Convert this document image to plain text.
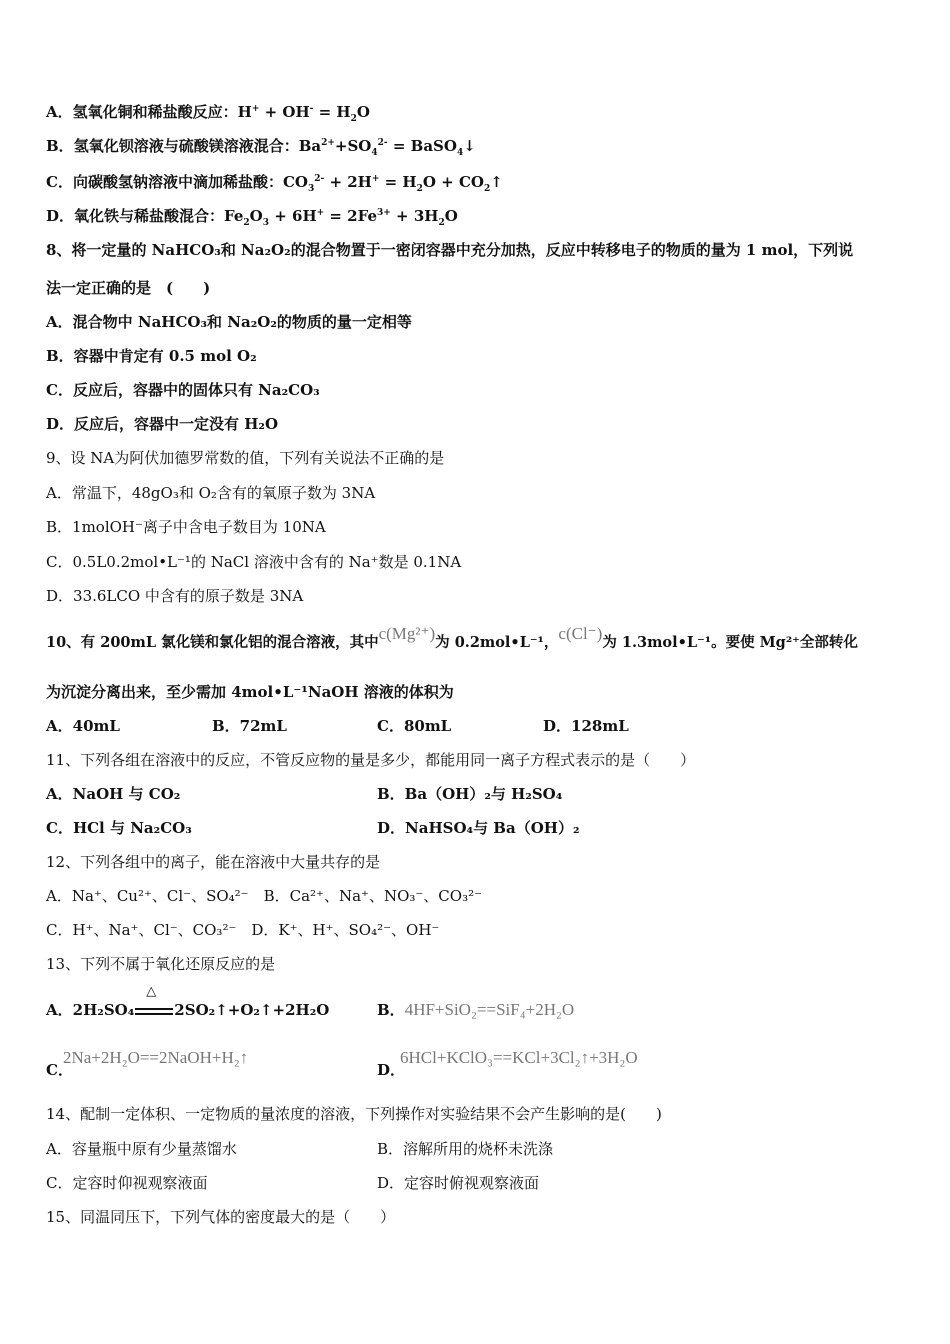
A．氢氧化铜和稀盐酸反应：$H^+ + OH^- = H_2O$
B．氢氧化钡溶液与硫酸镁溶液混合：$Ba^{2+}+SO_4^{2-}$ = BaSO$_4$↓
C．向碳酸氢钠溶液中滴加稀盐酸：$CO_3^{2-} + 2H^+ = H_2O$ + $CO_2↑$
D．氧化铁与稀盐酸混合：$Fe_2O_3 + 6H^+ = 2Fe^{3+} + 3H_2O$
8、将一定量的 NaHCO₃和 Na₂O₂的混合物置于一密闭容器中充分加热，反应中转移电子的物质的量为 1 mol，下列说
法一定正确的是　(　　)
A．混合物中 NaHCO₃和 Na₂O₂的物质的量一定相等
B．容器中肯定有 0.5 mol O₂
C．反应后，容器中的固体只有 Na₂CO₃
D．反应后，容器中一定没有 H₂O
9、设 NA为阿伏加德罗常数的值，下列有关说法不正确的是
A．常温下，48gO₃和 O₂含有的氧原子数为 3NA
B．1molOH⁻离子中含电子数目为 10NA
C．0.5L0.2mol•L⁻¹的 NaCl 溶液中含有的 Na⁺数是 0.1NA
D．33.6LCO 中含有的原子数是 3NA
10、有 200mL 氯化镁和氯化铝的混合溶液，其中c(Mg²⁺)为 0.2mol•L⁻¹，c(Cl⁻)为 1.3mol•L⁻¹。要使 Mg²⁺全部转化
为沉淀分离出来，至少需加 4mol•L⁻¹NaOH 溶液的体积为
A．40mL	B．72mL	C．80mL	D．128mL
11、下列各组在溶液中的反应，不管反应物的量是多少，都能用同一离子方程式表示的是（　　）
A．NaOH 与 CO₂	B．Ba（OH）₂与 H₂SO₄
C．HCl 与 Na₂CO₃	D．NaHSO₄与 Ba（OH）₂
12、下列各组中的离子，能在溶液中大量共存的是
A．Na⁺、Cu²⁺、Cl⁻、SO₄²⁻　B．Ca²⁺、Na⁺、NO₃⁻、CO₃²⁻
C．H⁺、Na⁺、Cl⁻、CO₃²⁻　D．K⁺、H⁺、SO₄²⁻、OH⁻
13、下列不属于氧化还原反应的是
A．2H₂SO₄
△
2SO₂↑+O₂↑+2H₂O	B．4HF+SiO₂==SiF₄+2H₂O
C．2Na+2H₂O==2NaOH+H₂↑
D．6HCl+KClO₃==KCl+3Cl₂↑+3H₂O
14、配制一定体积、一定物质的量浓度的溶液，下列操作对实验结果不会产生影响的是(　　)
A．容量瓶中原有少量蒸馏水	B．溶解所用的烧杯未洗涤
C．定容时仰视观察液面	D．定容时俯视观察液面
15、同温同压下，下列气体的密度最大的是（　　）
